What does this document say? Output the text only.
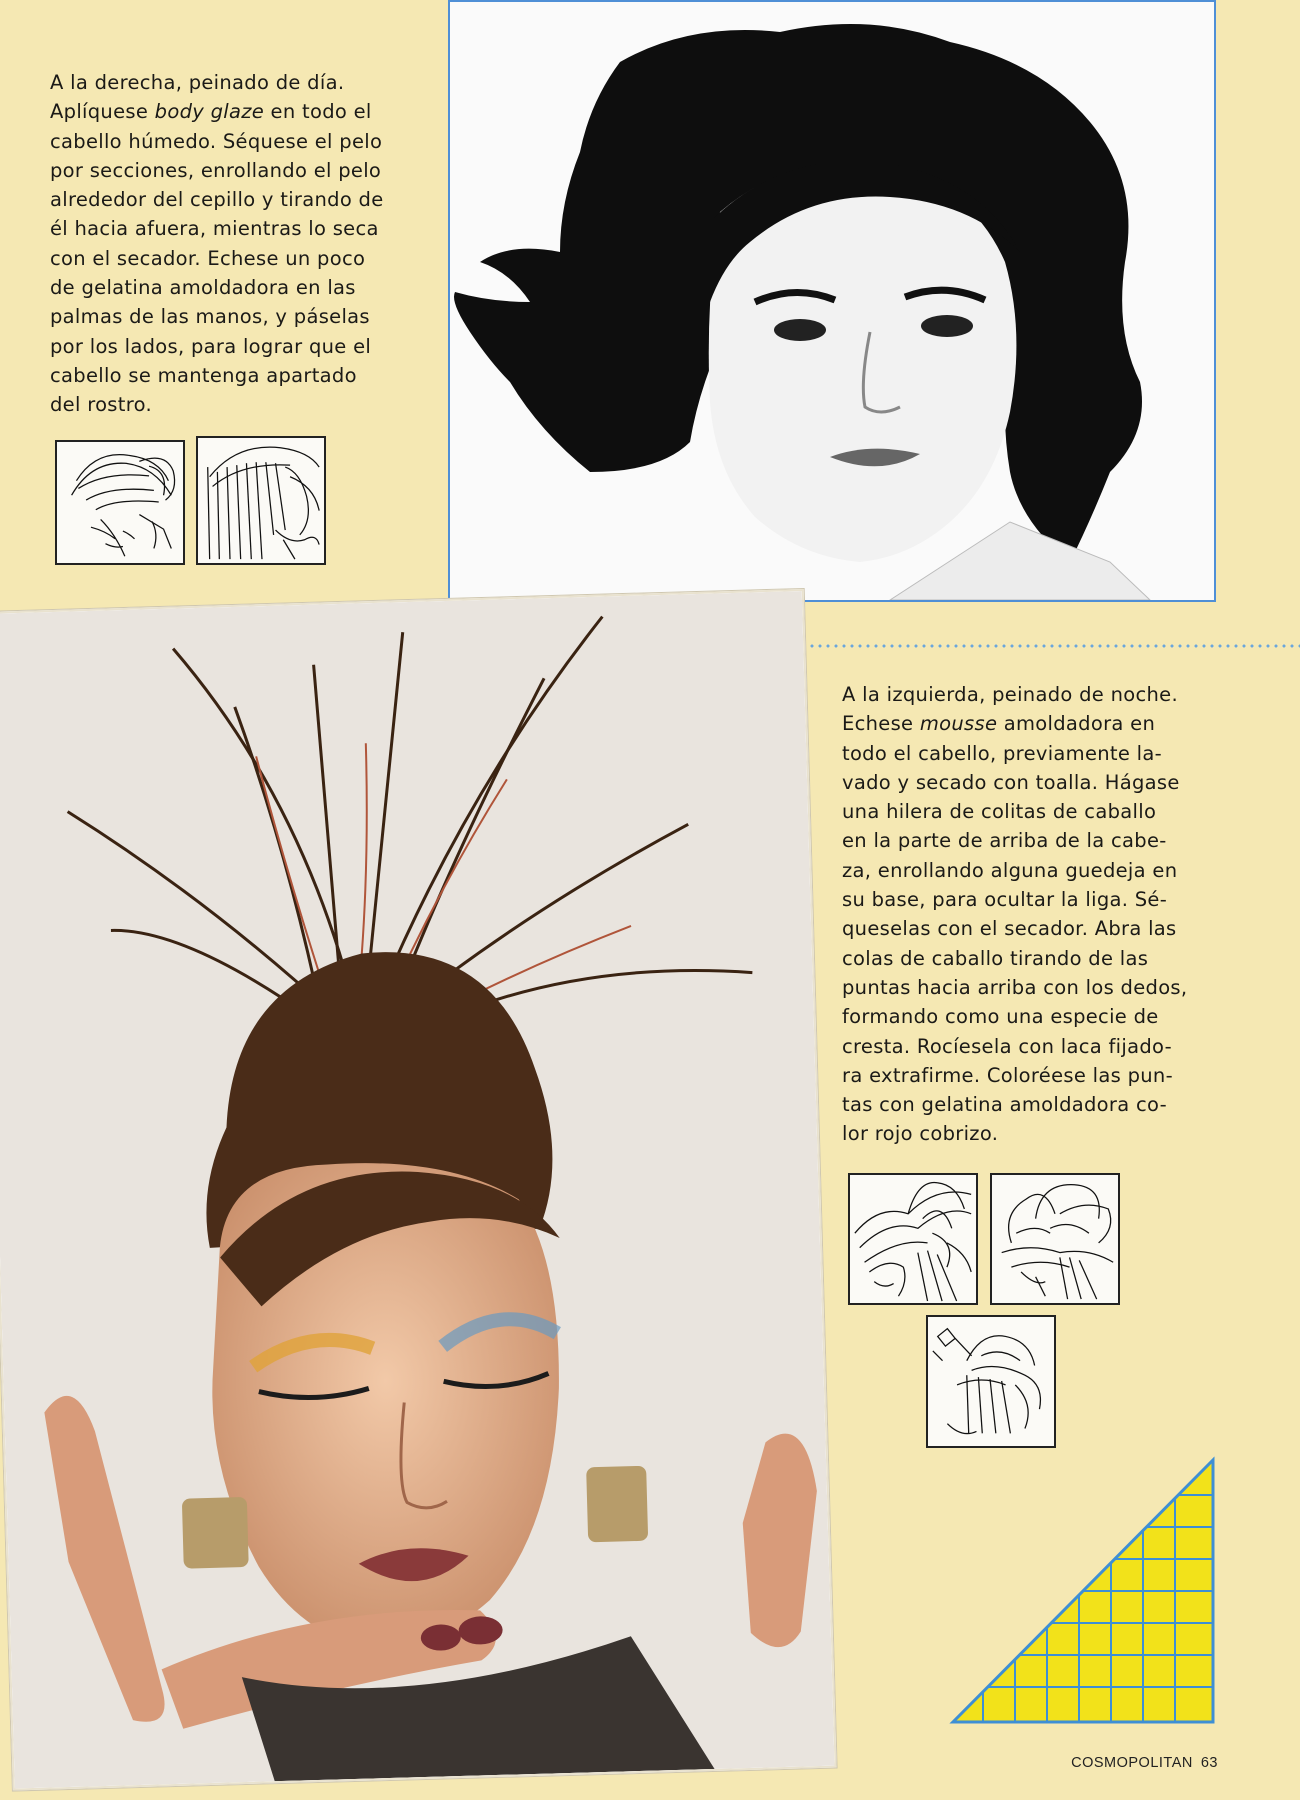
A la derecha, peinado de día.
Aplíquese body glaze en todo el
cabello húmedo. Séquese el pelo
por secciones, enrollando el pelo
alrededor del cepillo y tirando de
él hacia afuera, mientras lo seca
con el secador. Echese un poco
de gelatina amoldadora en las
palmas de las manos, y páselas
por los lados, para lograr que el
cabello se mantenga apartado
del rostro.
A la izquierda, peinado de noche.
Echese mousse amoldadora en
todo el cabello, previamente la-
vado y secado con toalla. Hágase
una hilera de colitas de caballo
en la parte de arriba de la cabe-
za, enrollando alguna guedeja en
su base, para ocultar la liga. Sé-
queselas con el secador. Abra las
colas de caballo tirando de las
puntas hacia arriba con los dedos,
formando como una especie de
cresta. Rocíesela con laca fijado-
ra extrafirme. Coloréese las pun-
tas con gelatina amoldadora co-
lor rojo cobrizo.
COSMOPOLITAN 63
